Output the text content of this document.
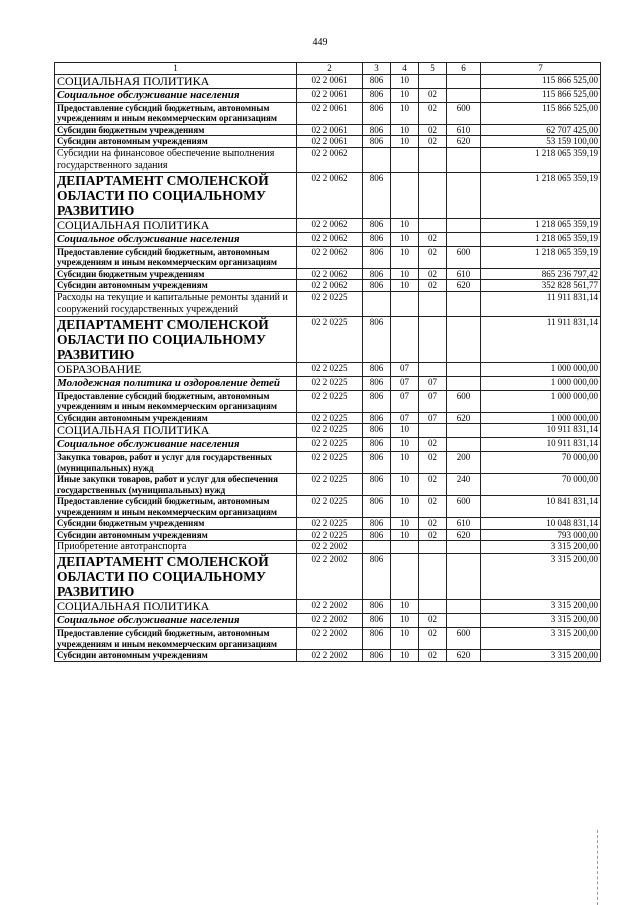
449
1	2	3	4	5	6	7
СОЦИАЛЬНАЯ ПОЛИТИКА	02 2 0061	806	10			115 866 525,00
Социальное обслуживание населения	02 2 0061	806	10	02		115 866 525,00
Предоставление субсидий бюджетным, автономным учреждениям и иным некоммерческим организациям	02 2 0061	806	10	02	600	115 866 525,00
Субсидии бюджетным учреждениям	02 2 0061	806	10	02	610	62 707 425,00
Субсидии автономным учреждениям	02 2 0061	806	10	02	620	53 159 100,00
Субсидии на финансовое обеспечение выполнения государственного задания	02 2 0062					1 218 065 359,19
ДЕПАРТАМЕНТ СМОЛЕНСКОЙ ОБЛАСТИ ПО СОЦИАЛЬНОМУ РАЗВИТИЮ	02 2 0062	806				1 218 065 359,19
СОЦИАЛЬНАЯ ПОЛИТИКА	02 2 0062	806	10			1 218 065 359,19
Социальное обслуживание населения	02 2 0062	806	10	02		1 218 065 359,19
Предоставление субсидий бюджетным, автономным учреждениям и иным некоммерческим организациям	02 2 0062	806	10	02	600	1 218 065 359,19
Субсидии бюджетным учреждениям	02 2 0062	806	10	02	610	865 236 797,42
Субсидии автономным учреждениям	02 2 0062	806	10	02	620	352 828 561,77
Расходы на текущие и капитальные ремонты зданий и сооружений государственных учреждений	02 2 0225					11 911 831,14
ДЕПАРТАМЕНТ СМОЛЕНСКОЙ ОБЛАСТИ ПО СОЦИАЛЬНОМУ РАЗВИТИЮ	02 2 0225	806				11 911 831,14
ОБРАЗОВАНИЕ	02 2 0225	806	07			1 000 000,00
Молодежная политика и оздоровление детей	02 2 0225	806	07	07		1 000 000,00
Предоставление субсидий бюджетным, автономным учреждениям и иным некоммерческим организациям	02 2 0225	806	07	07	600	1 000 000,00
Субсидии автономным учреждениям	02 2 0225	806	07	07	620	1 000 000,00
СОЦИАЛЬНАЯ ПОЛИТИКА	02 2 0225	806	10			10 911 831,14
Социальное обслуживание населения	02 2 0225	806	10	02		10 911 831,14
Закупка товаров, работ и услуг для государственных (муниципальных) нужд	02 2 0225	806	10	02	200	70 000,00
Иные закупки товаров, работ и услуг для обеспечения государственных (муниципальных) нужд	02 2 0225	806	10	02	240	70 000,00
Предоставление субсидий бюджетным, автономным учреждениям и иным некоммерческим организациям	02 2 0225	806	10	02	600	10 841 831,14
Субсидии бюджетным учреждениям	02 2 0225	806	10	02	610	10 048 831,14
Субсидии автономным учреждениям	02 2 0225	806	10	02	620	793 000,00
Приобретение автотранспорта	02 2 2002					3 315 200,00
ДЕПАРТАМЕНТ СМОЛЕНСКОЙ ОБЛАСТИ ПО СОЦИАЛЬНОМУ РАЗВИТИЮ	02 2 2002	806				3 315 200,00
СОЦИАЛЬНАЯ ПОЛИТИКА	02 2 2002	806	10			3 315 200,00
Социальное обслуживание населения	02 2 2002	806	10	02		3 315 200,00
Предоставление субсидий бюджетным, автономным учреждениям и иным некоммерческим организациям	02 2 2002	806	10	02	600	3 315 200,00
Субсидии автономным учреждениям	02 2 2002	806	10	02	620	3 315 200,00
